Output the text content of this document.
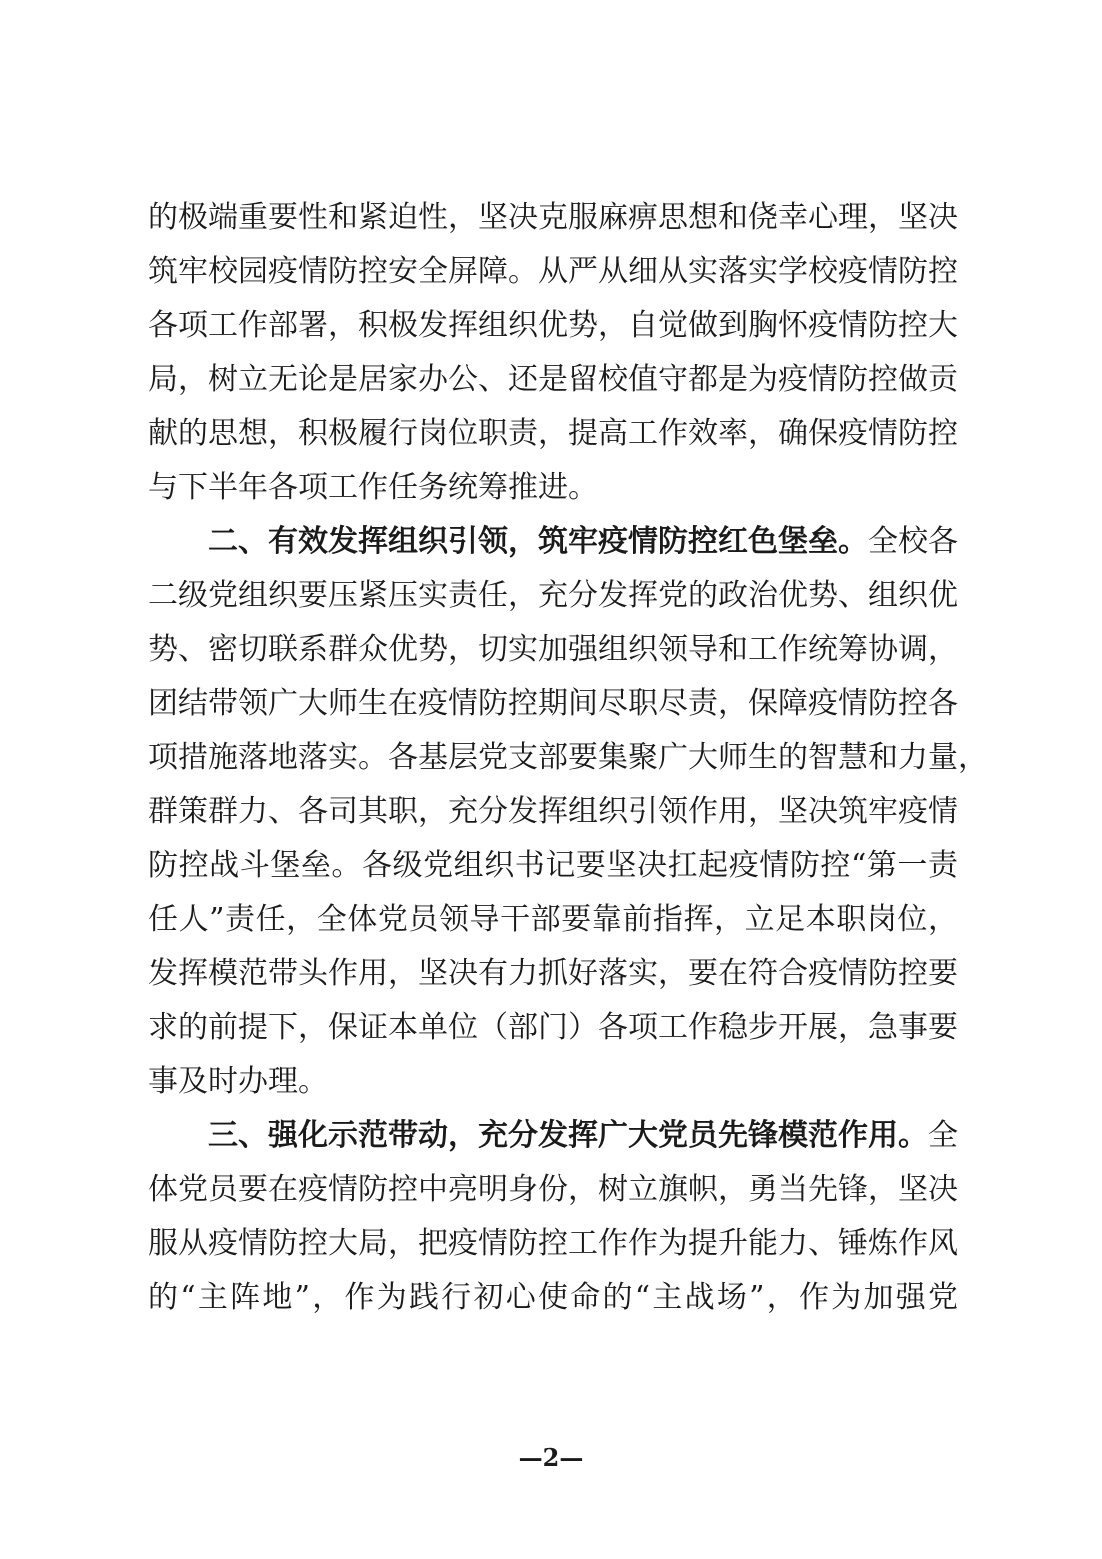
的极端重要性和紧迫性，坚决克服麻痹思想和侥幸心理，坚决
筑牢校园疫情防控安全屏障。从严从细从实落实学校疫情防控
各项工作部署，积极发挥组织优势，自觉做到胸怀疫情防控大
局，树立无论是居家办公、还是留校值守都是为疫情防控做贡
献的思想，积极履行岗位职责，提高工作效率，确保疫情防控
与下半年各项工作任务统筹推进。
二、有效发挥组织引领，筑牢疫情防控红色堡垒。全校各
二级党组织要压紧压实责任，充分发挥党的政治优势、组织优
势、密切联系群众优势，切实加强组织领导和工作统筹协调，
团结带领广大师生在疫情防控期间尽职尽责，保障疫情防控各
项措施落地落实。各基层党支部要集聚广大师生的智慧和力量，
群策群力、各司其职，充分发挥组织引领作用，坚决筑牢疫情
防控战斗堡垒。各级党组织书记要坚决扛起疫情防控“第一责
任人”责任，全体党员领导干部要靠前指挥，立足本职岗位，
发挥模范带头作用，坚决有力抓好落实，要在符合疫情防控要
求的前提下，保证本单位（部门）各项工作稳步开展，急事要
事及时办理。
三、强化示范带动，充分发挥广大党员先锋模范作用。全
体党员要在疫情防控中亮明身份，树立旗帜，勇当先锋，坚决
服从疫情防控大局，把疫情防控工作作为提升能力、锤炼作风
的“主阵地”，作为践行初心使命的“主战场”，作为加强党
—2—
